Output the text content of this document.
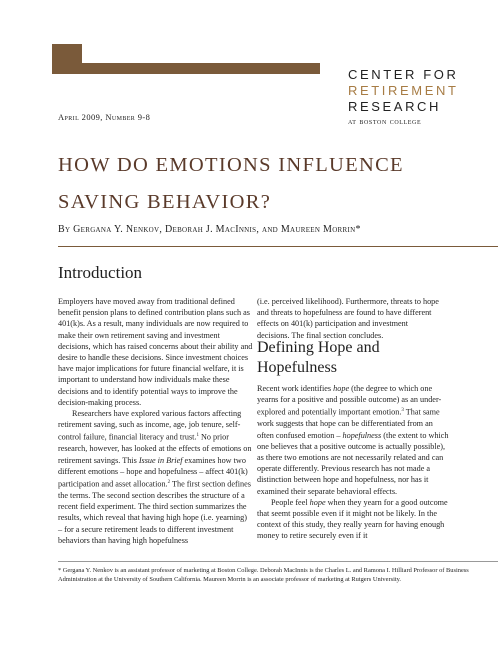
CENTER FOR
RETIREMENT
RESEARCH
at boston college
April 2009, Number 9-8
HOW DO EMOTIONS INFLUENCE
SAVING BEHAVIOR?
By Gergana Y. Nenkov, Deborah J. MacInnis, and Maureen Morrin*
Introduction

Employers have moved away from traditional defined benefit pension plans to defined contribution plans such as 401(k)s. As a result, many individuals are now required to make their own retirement saving and investment decisions, which has raised concerns about their ability and desire to handle these decisions. Since investment choices have major implications for future financial welfare, it is important to understand how individuals make these decisions and to identify potential ways to improve the decision-making process.

Researchers have explored various factors affecting retirement saving, such as income, age, job tenure, self-control failure, financial literacy and trust.$^1$ No prior research, however, has looked at the effects of emotions on retirement savings. This Issue in Brief examines how two different emotions – hope and hopefulness – affect 401(k) participation and asset allocation.$^2$ The first section defines the terms. The second section describes the structure of a recent field experiment. The third section summarizes the results, which reveal that having high hope (i.e. yearning) – for a secure retirement leads to different investment behaviors than having high hopefulness

(i.e. perceived likelihood). Furthermore, threats to hope and threats to hopefulness are found to have different effects on 401(k) participation and investment decisions. The final section concludes.

Defining Hope and Hopefulness

Recent work identifies hope (the degree to which one yearns for a positive and possible outcome) as an under-explored and potentially important emotion.$^3$ That same work suggests that hope can be differentiated from an often confused emotion – hopefulness (the extent to which one believes that a positive outcome is actually possible), as there two emotions are not necessarily related and can operate differently. Previous research has not made a distinction between hope and hopefulness, nor has it examined their separate behavioral effects.

People feel hope when they yearn for a good outcome that seemt possible even if it might not be likely. In the context of this study, they really yearn for having enough money to retire securely even if it

* Gergana Y. Nenkov is an assistant professor of marketing at Boston College. Deborah MacInnis is the Charles L. and Ramona I. Hilliard Professor of Business Administration at the University of Southern California. Maureen Morrin is an associate professor of marketing at Rutgers University.
